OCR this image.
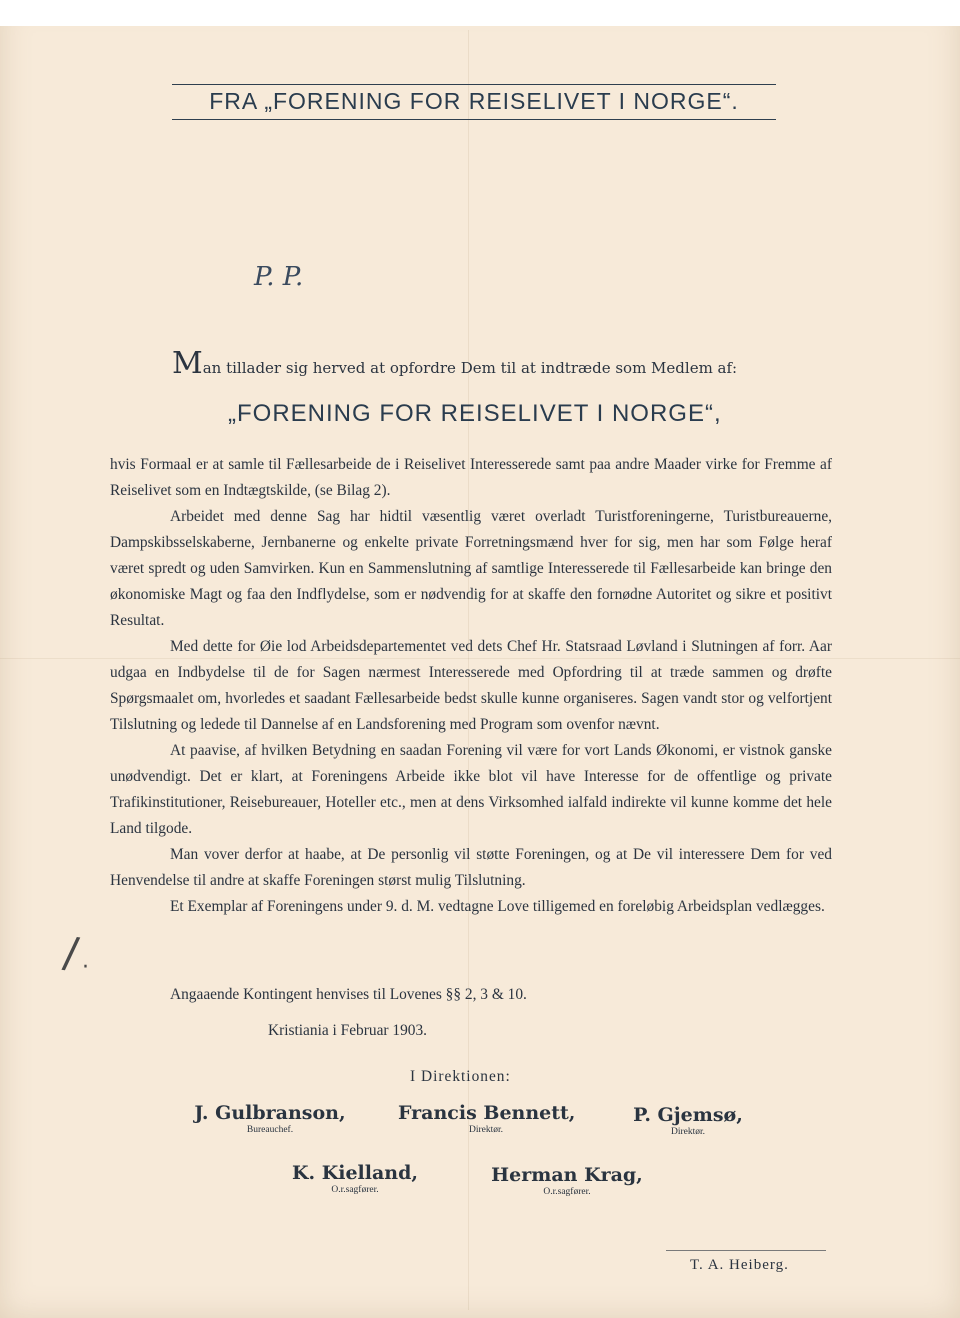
FRA „FORENING FOR REISELIVET I NORGE“.
P. P.
Man tillader sig herved at opfordre Dem til at indtræde som Medlem af:
„FORENING FOR REISELIVET I NORGE“,

hvis Formaal er at samle til Fællesarbeide de i Reiselivet Interesserede samt paa andre Maader virke for Fremme af Reiselivet som en Indtægtskilde, (se Bilag 2).

Arbeidet med denne Sag har hidtil væsentlig været overladt Turistforeningerne, Turistbureauerne, Dampskibsselskaberne, Jernbanerne og enkelte private Forretningsmænd hver for sig, men har som Følge heraf været spredt og uden Samvirken. Kun en Sammenslutning af samtlige Interesserede til Fællesarbeide kan bringe den økonomiske Magt og faa den Indflydelse, som er nødvendig for at skaffe den fornødne Autoritet og sikre et positivt Resultat.

Med dette for Øie lod Arbeidsdepartementet ved dets Chef Hr. Statsraad Løvland i Slutningen af forr. Aar udgaa en Indbydelse til de for Sagen nærmest Interesserede med Opfordring til at træde sammen og drøfte Spørgsmaalet om, hvorledes et saadant Fællesarbeide bedst skulle kunne organiseres. Sagen vandt stor og velfortjent Tilslutning og ledede til Dannelse af en Landsforening med Program som ovenfor nævnt.

At paavise, af hvilken Betydning en saadan Forening vil være for vort Lands Økonomi, er vistnok ganske unødvendigt. Det er klart, at Foreningens Arbeide ikke blot vil have Interesse for de offentlige og private Trafikinstitutioner, Reisebureauer, Hoteller etc., men at dens Virksomhed ialfald indirekte vil kunne komme det hele Land tilgode.

Man vover derfor at haabe, at De personlig vil støtte Foreningen, og at De vil interessere Dem for ved Henvendelse til andre at skaffe Foreningen størst mulig Tilslutning.

Et Exemplar af Foreningens under 9. d. M. vedtagne Love tilligemed en foreløbig Arbeidsplan vedlægges.

/ ·
Angaaende Kontingent henvises til Lovenes §§ 2, 3 & 10.
Kristiania i Februar 1903.
I Direktionen:
J. Gulbranson,
Bureauchef.
Francis Bennett,
Direktør.
P. Gjemsø,
Direktør.
K. Kielland,
O.r.sagfører.
Herman Krag,
O.r.sagfører.
T. A. Heiberg.
